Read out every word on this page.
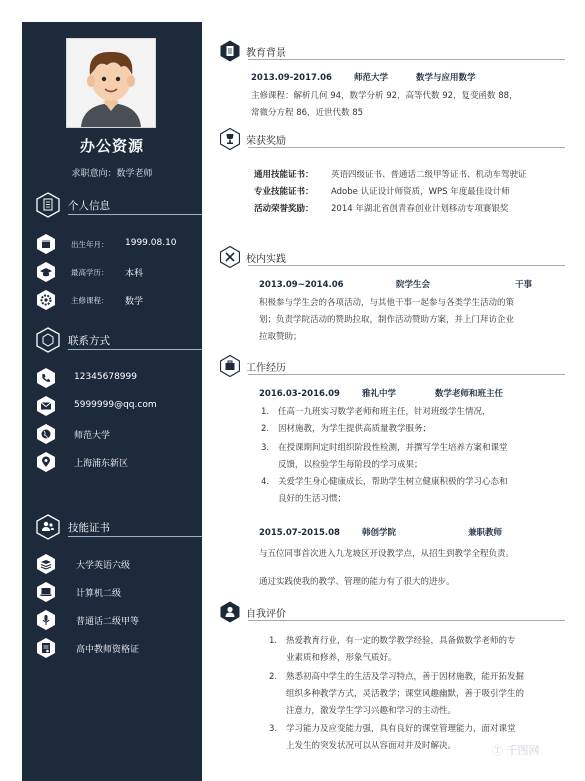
办公资源
求职意向：数学老师
个人信息
出生年月： 1999.08.10
最高学历： 本科
主修课程： 数学
联系方式
12345678999
5999999@qq.com
师范大学
上海浦东新区
技能证书
大学英语六级
计算机二级
普通话二级甲等
高中教师资格证
教育背景
2013.09-2017.06	师范大学	数学与应用数学
主修课程：解析几何 94，数学分析 92，高等代数 92，复变函数 88，
常微分方程 86，近世代数 85
荣获奖励
通用技能证书： 英语四级证书、普通话二级甲等证书、机动车驾驶证
专业技能证书： Adobe 认证设计师资质，WPS 年度最佳设计师
活动荣誉奖励： 2014 年湖北省创青春创业计划移动专项赛银奖
校内实践
2013.09~2014.06	院学生会	干事
积极参与学生会的各项活动，与其他干事一起参与各类学生活动的策
划；负责学院活动的赞助拉取，制作活动赞助方案，并上门拜访企业
拉取赞助；
工作经历
2016.03-2016.09	雅礼中学	数学老师和班主任
1. 任高一九班实习数学老师和班主任，针对班级学生情况，
2. 因材施教，为学生提供高质量教学服务；
3. 在授课期间定时组织阶段性检测，并撰写学生培养方案和课堂
反馈，以检验学生每阶段的学习成果；
4. 关爱学生身心健康成长，帮助学生树立健康积极的学习心态和
良好的生活习惯；
2015.07-2015.08	韩创学院	兼职教师
与五位同事首次进入九龙坡区开设教学点，从招生到教学全程负责。
通过实践使我的教学、管理的能力有了很大的进步。
自我评价
1. 热爱教育行业，有一定的数学教学经验，具备做数学老师的专
业素质和修养，形象气质好。
2. 熟悉初高中学生的生活及学习特点，善于因材施教，能开拓发掘
组织多种教学方式，灵活教学；课堂风趣幽默，善于吸引学生的
注意力，激发学生学习兴趣和学习的主动性。
3. 学习能力及应变能力强，具有良好的课堂管理能力，面对课堂
上发生的突发状况可以从容面对并及时解决。	Ⓣ 千图网
